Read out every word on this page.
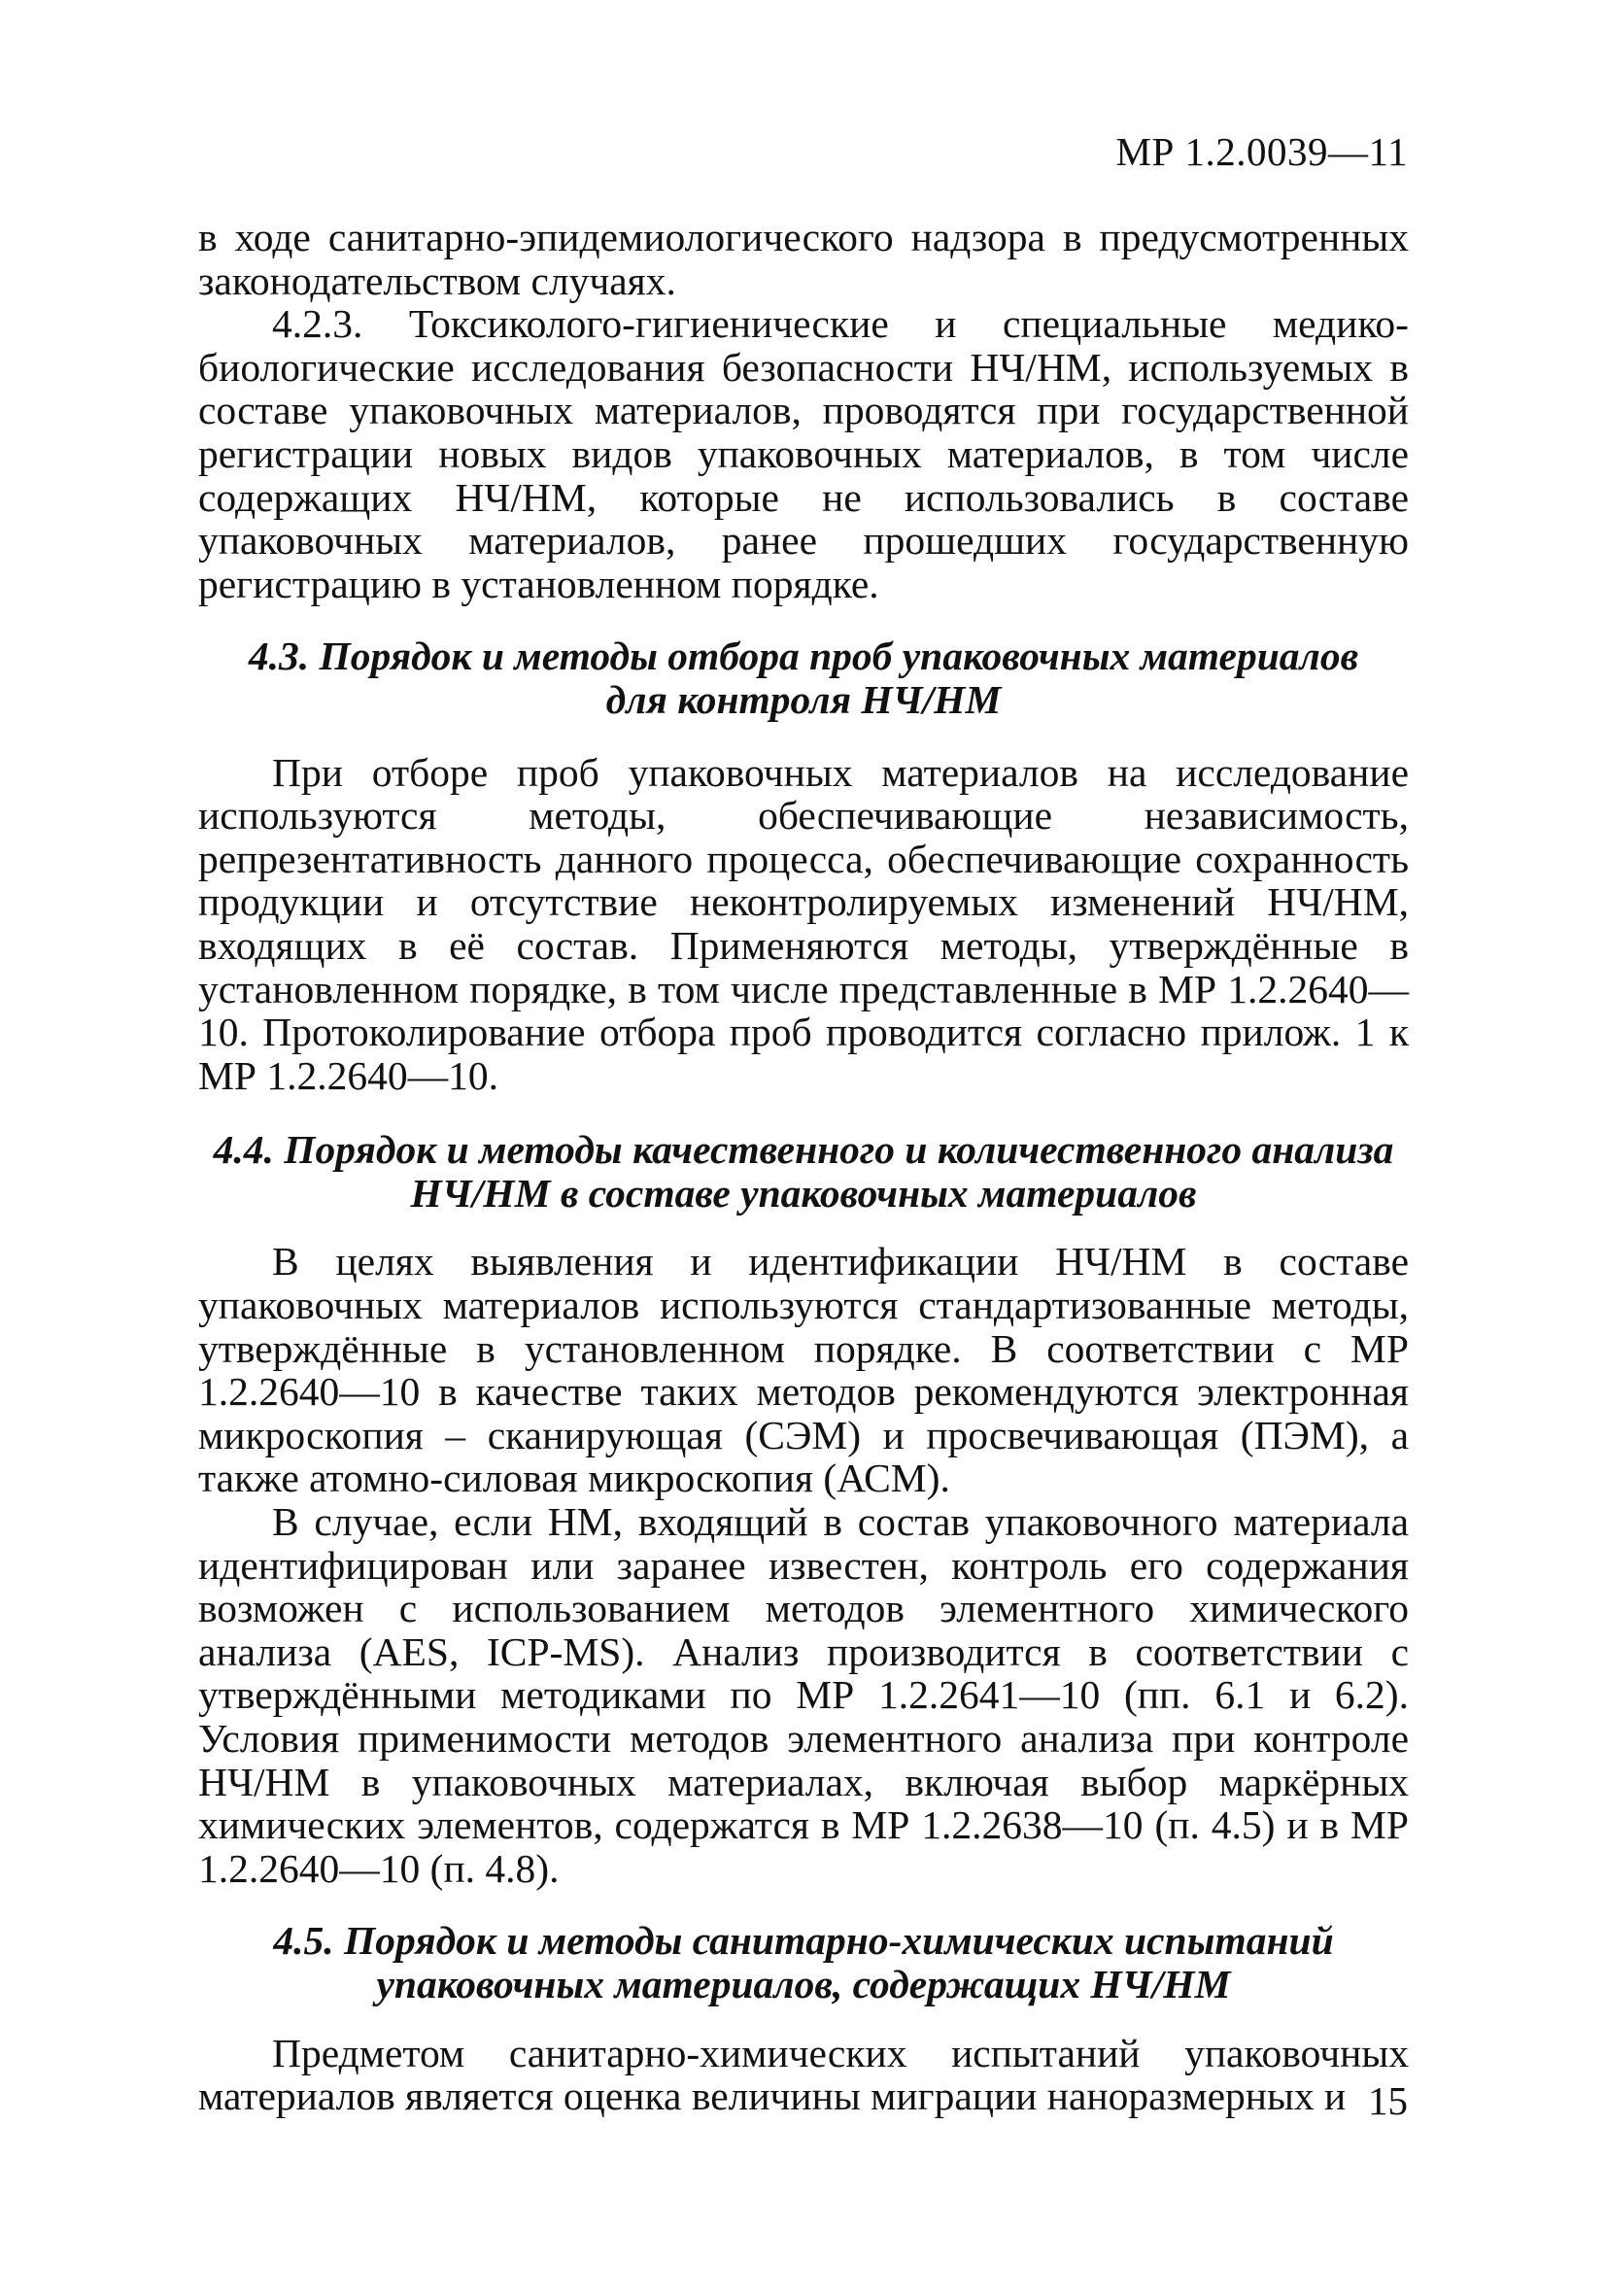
МР 1.2.0039—11

в ходе санитарно-эпидемиологического надзора в предусмотренных законодательством случаях.

4.2.3. Токсиколого-гигиенические и специальные медико-биологические исследования безопасности НЧ/НМ, используемых в составе упаковочных материалов, проводятся при государственной регистрации новых видов упаковочных материалов, в том числе содержащих НЧ/НМ, которые не использовались в составе упаковочных материалов, ранее прошедших государственную регистрацию в установленном порядке.

4.3. Порядок и методы отбора проб упаковочных материалов
для контроля НЧ/НМ

При отборе проб упаковочных материалов на исследование используются методы, обеспечивающие независимость, репрезентативность данного процесса, обеспечивающие сохранность продукции и отсутствие неконтролируемых изменений НЧ/НМ, входящих в её состав. Применяются методы, утверждённые в установленном порядке, в том числе представленные в МР 1.2.2640—10. Протоколирование отбора проб проводится согласно прилож. 1 к МР 1.2.2640—10.

4.4. Порядок и методы качественного и количественного анализа
НЧ/НМ в составе упаковочных материалов

В целях выявления и идентификации НЧ/НМ в составе упаковочных материалов используются стандартизованные методы, утверждённые в установленном порядке. В соответствии с МР 1.2.2640—10 в качестве таких методов рекомендуются электронная микроскопия – сканирующая (СЭМ) и просвечивающая (ПЭМ), а также атомно-силовая микроскопия (АСМ).

В случае, если НМ, входящий в состав упаковочного материала идентифицирован или заранее известен, контроль его содержания возможен с использованием методов элементного химического анализа (AES, ICP-MS). Анализ производится в соответствии с утверждёнными методиками по МР 1.2.2641—10 (пп. 6.1 и 6.2). Условия применимости методов элементного анализа при контроле НЧ/НМ в упаковочных материалах, включая выбор маркёрных химических элементов, содержатся в МР 1.2.2638—10 (п. 4.5) и в МР 1.2.2640—10 (п. 4.8).

4.5. Порядок и методы санитарно-химических испытаний
упаковочных материалов, содержащих НЧ/НМ

Предметом санитарно-химических испытаний упаковочных материалов является оценка величины миграции наноразмерных и 15
